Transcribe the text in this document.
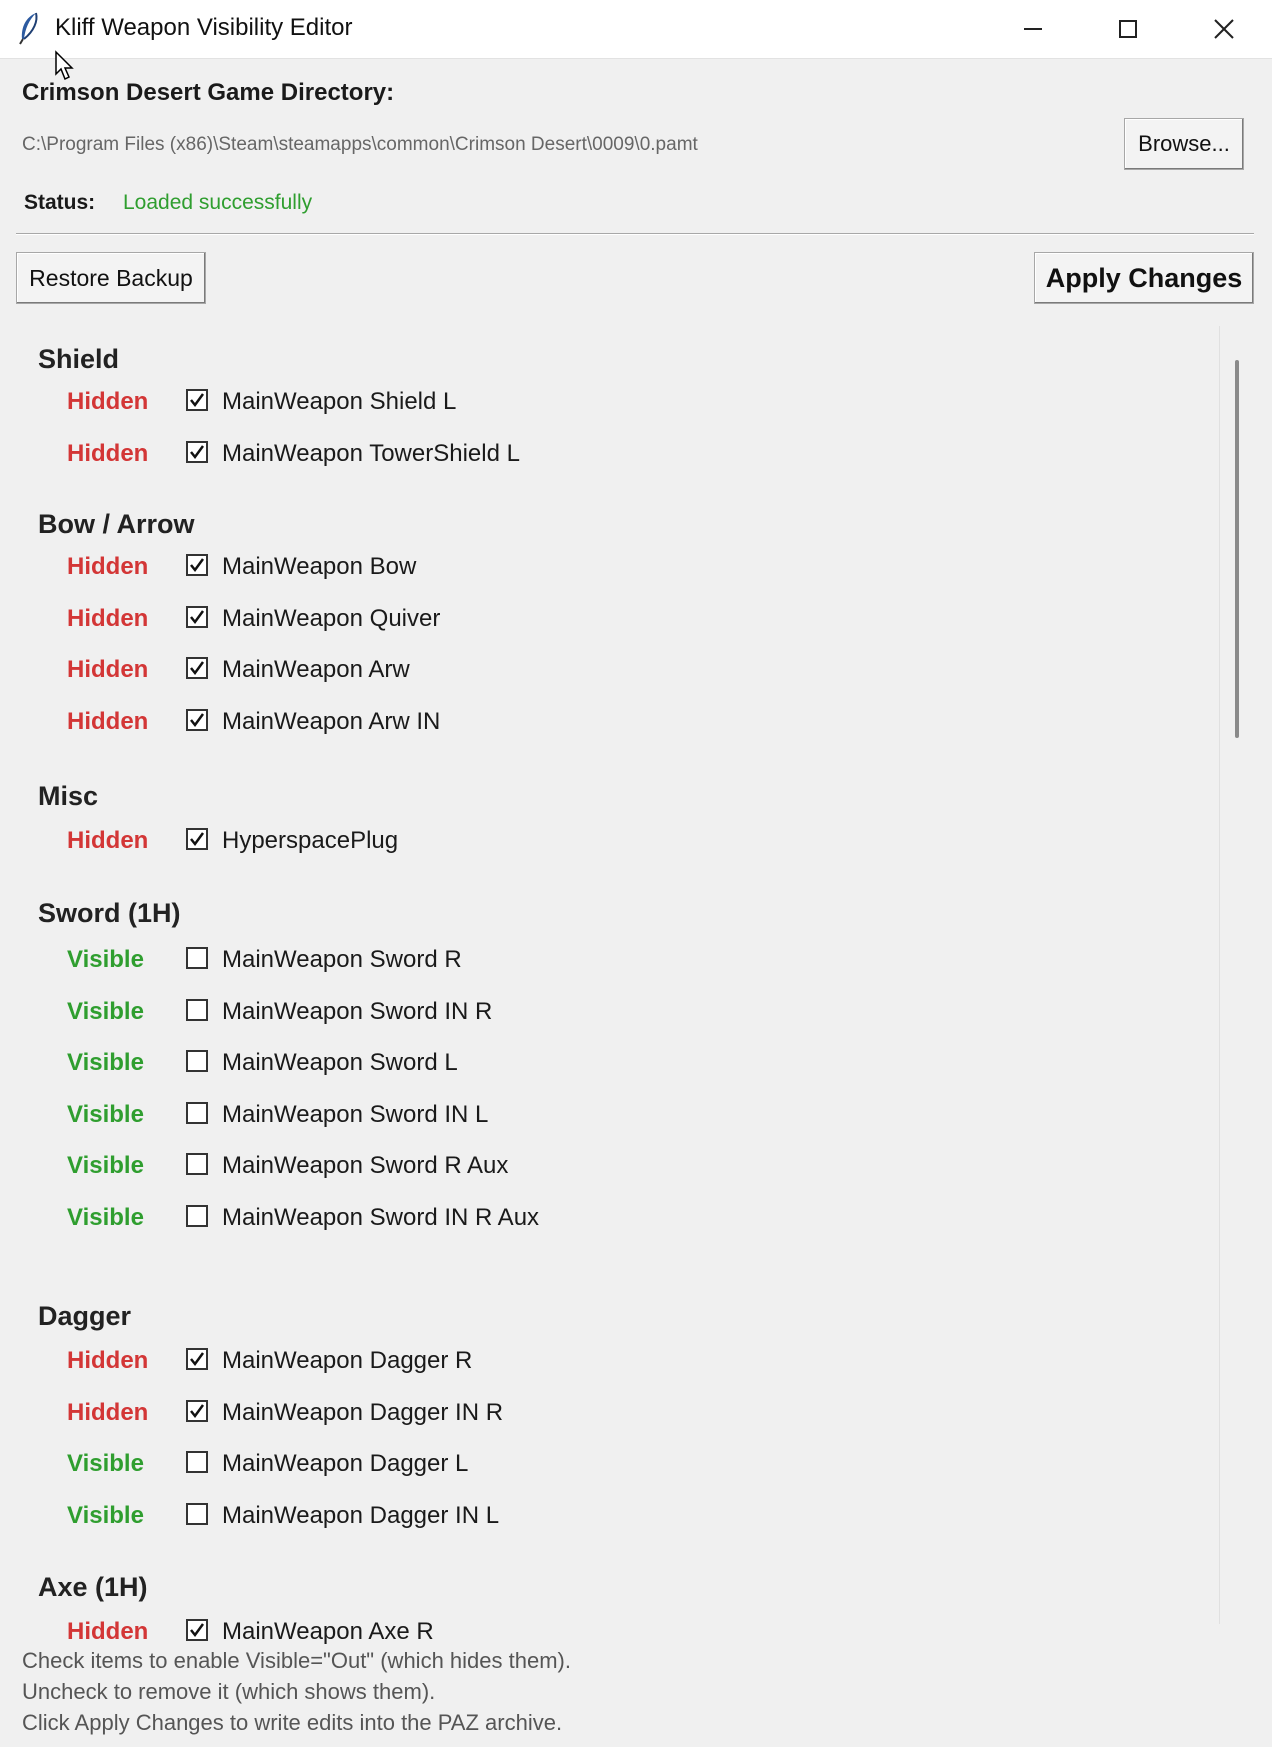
Kliff Weapon Visibility Editor
Crimson Desert Game Directory:
C:\Program Files (x86)\Steam\steamapps\common\Crimson Desert\0009\0.pamt	Browse...
Status: Loaded successfully
Restore Backup	Apply Changes
Shield
Hidden	MainWeapon Shield L
Hidden	MainWeapon TowerShield L
Bow / Arrow
Hidden	MainWeapon Bow
Hidden	MainWeapon Quiver
Hidden	MainWeapon Arw
Hidden	MainWeapon Arw IN
Misc
Hidden	HyperspacePlug
Sword (1H)
Visible	MainWeapon Sword R
Visible	MainWeapon Sword IN R
Visible	MainWeapon Sword L
Visible	MainWeapon Sword IN L
Visible	MainWeapon Sword R Aux
Visible	MainWeapon Sword IN R Aux
Dagger
Hidden	MainWeapon Dagger R
Hidden	MainWeapon Dagger IN R
Visible	MainWeapon Dagger L
Visible	MainWeapon Dagger IN L
Axe (1H)
Hidden	MainWeapon Axe R
Check items to enable Visible="Out" (which hides them).
Uncheck to remove it (which shows them).
Click Apply Changes to write edits into the PAZ archive.
